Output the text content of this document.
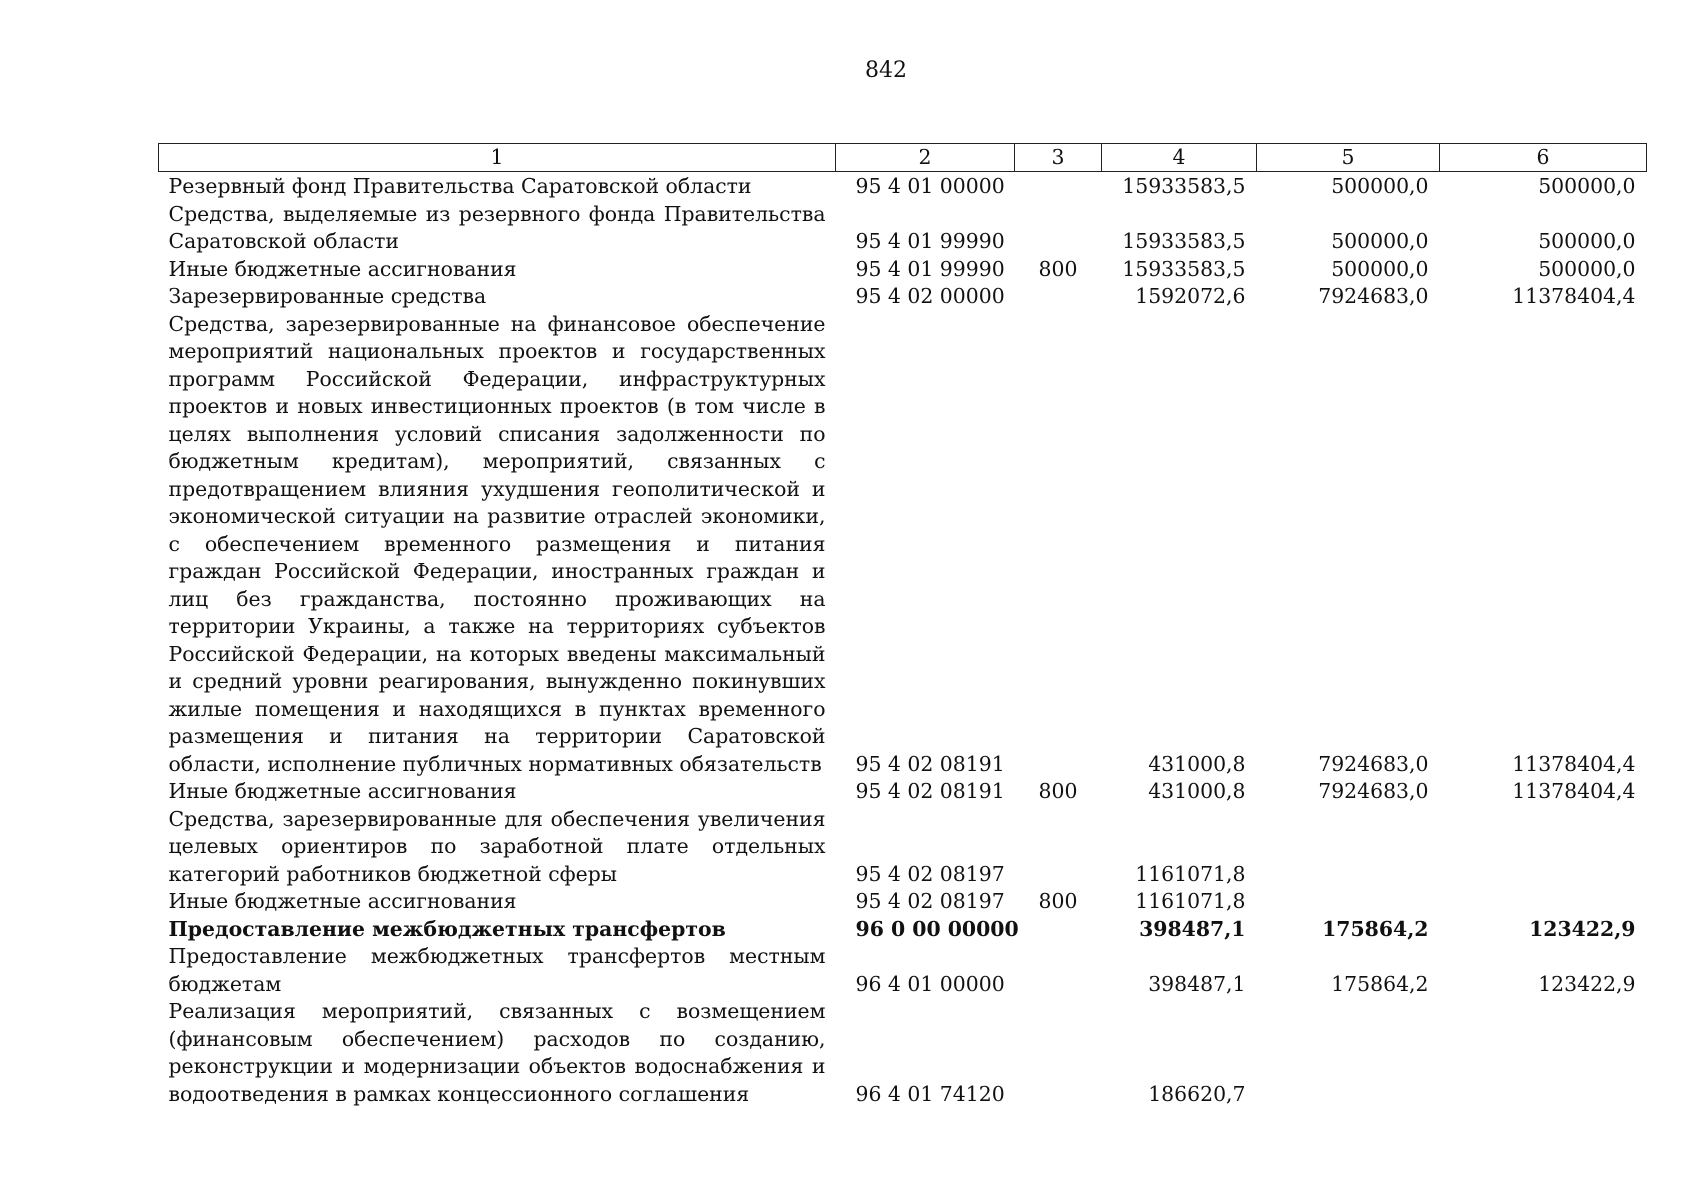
842
1	2	3	4	5	6
Резервный фонд Правительства Саратовской области	95 4 01 00000		15933583,5	500000,0	500000,0
Средства, выделяемые из резервного фонда Правительства Саратовской области	95 4 01 99990		15933583,5	500000,0	500000,0
Иные бюджетные ассигнования	95 4 01 99990	800	15933583,5	500000,0	500000,0
Зарезервированные средства	95 4 02 00000		1592072,6	7924683,0	11378404,4
Средства, зарезервированные на финансовое обеспечение мероприятий национальных проектов и государственных программ Российской Федерации, инфраструктурных проектов и новых инвестиционных проектов (в том числе в целях выполнения условий списания задолженности по бюджетным кредитам), мероприятий, связанных с предотвращением влияния ухудшения геополитической и экономической ситуации на развитие отраслей экономики, с обеспечением временного размещения и питания граждан Российской Федерации, иностранных граждан и лиц без гражданства, постоянно проживающих на территории Украины, а также на территориях субъектов Российской Федерации, на которых введены максимальный и средний уровни реагирования, вынужденно покинувших жилые помещения и находящихся в пунктах временного размещения и питания на территории Саратовской области, исполнение публичных нормативных обязательств	95 4 02 08191		431000,8	7924683,0	11378404,4
Иные бюджетные ассигнования	95 4 02 08191	800	431000,8	7924683,0	11378404,4
Средства, зарезервированные для обеспечения увеличения целевых ориентиров по заработной плате отдельных категорий работников бюджетной сферы	95 4 02 08197		1161071,8		
Иные бюджетные ассигнования	95 4 02 08197	800	1161071,8		
Предоставление межбюджетных трансфертов	96 0 00 00000		398487,1	175864,2	123422,9
Предоставление межбюджетных трансфертов местным бюджетам	96 4 01 00000		398487,1	175864,2	123422,9
Реализация мероприятий, связанных с возмещением (финансовым обеспечением) расходов по созданию, реконструкции и модернизации объектов водоснабжения и водоотведения в рамках концессионного соглашения	96 4 01 74120		186620,7		
